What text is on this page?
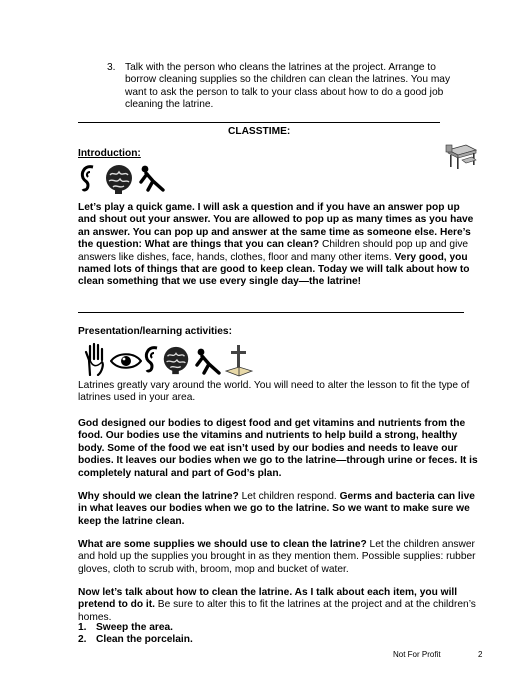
3. Talk with the person who cleans the latrines at the project. Arrange to borrow cleaning supplies so the children can clean the latrines. You may want to ask the person to talk to your class about how to do a good job cleaning the latrine.
CLASSTIME:
Introduction:

Let’s play a quick game. I will ask a question and if you have an answer pop up and shout out your answer. You are allowed to pop up as many times as you have an answer. You can pop up and answer at the same time as someone else. Here’s the question: What are things that you can clean? Children should pop up and give answers like dishes, face, hands, clothes, floor and many other items. Very good, you named lots of things that are good to keep clean. Today we will talk about how to clean something that we use every single day—the latrine!

Presentation/learning activities:

Latrines greatly vary around the world. You will need to alter the lesson to fit the type of latrines used in your area.

God designed our bodies to digest food and get vitamins and nutrients from the food. Our bodies use the vitamins and nutrients to help build a strong, healthy body. Some of the food we eat isn’t used by our bodies and needs to leave our bodies. It leaves our bodies when we go to the latrine—through urine or feces. It is completely natural and part of God’s plan.

Why should we clean the latrine? Let children respond. Germs and bacteria can live in what leaves our bodies when we go to the latrine. So we want to make sure we keep the latrine clean.

What are some supplies we should use to clean the latrine? Let the children answer and hold up the supplies you brought in as they mention them. Possible supplies: rubber gloves, cloth to scrub with, broom, mop and bucket of water.

Now let’s talk about how to clean the latrine. As I talk about each item, you will pretend to do it. Be sure to alter this to fit the latrines at the project and at the children’s homes.

1. Sweep the area.
2. Clean the porcelain.
Not For Profit	2
